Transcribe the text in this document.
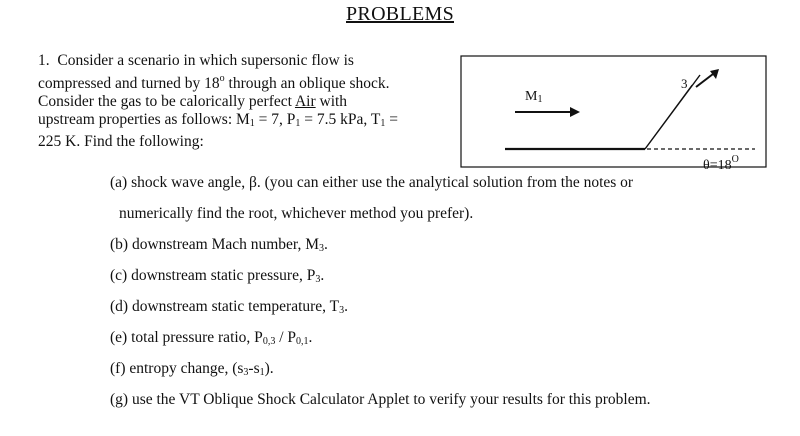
PROBLEMS
1. Consider a scenario in which supersonic flow is
compressed and turned by 18$^o$ through an oblique shock.
Consider the gas to be calorically perfect Air with
upstream properties as follows: $M_1 = 7$, $P_1 = 7.5$ kPa, $T_1$ =
225 K. Find the following:
$M_1$
3
$\theta=18^O$
(a) shock wave angle, β. (you can either use the analytical solution from the notes or
numerically find the root, whichever method you prefer).
(b) downstream Mach number, $M_3$.
(c) downstream static pressure, $P_3$.
(d) downstream static temperature, $T_3$.
(e) total pressure ratio, $P_{0,3} / P_{0,1}$.
(f) entropy change, $(s_3-s_1)$.
(g) use the VT Oblique Shock Calculator Applet to verify your results for this problem.
